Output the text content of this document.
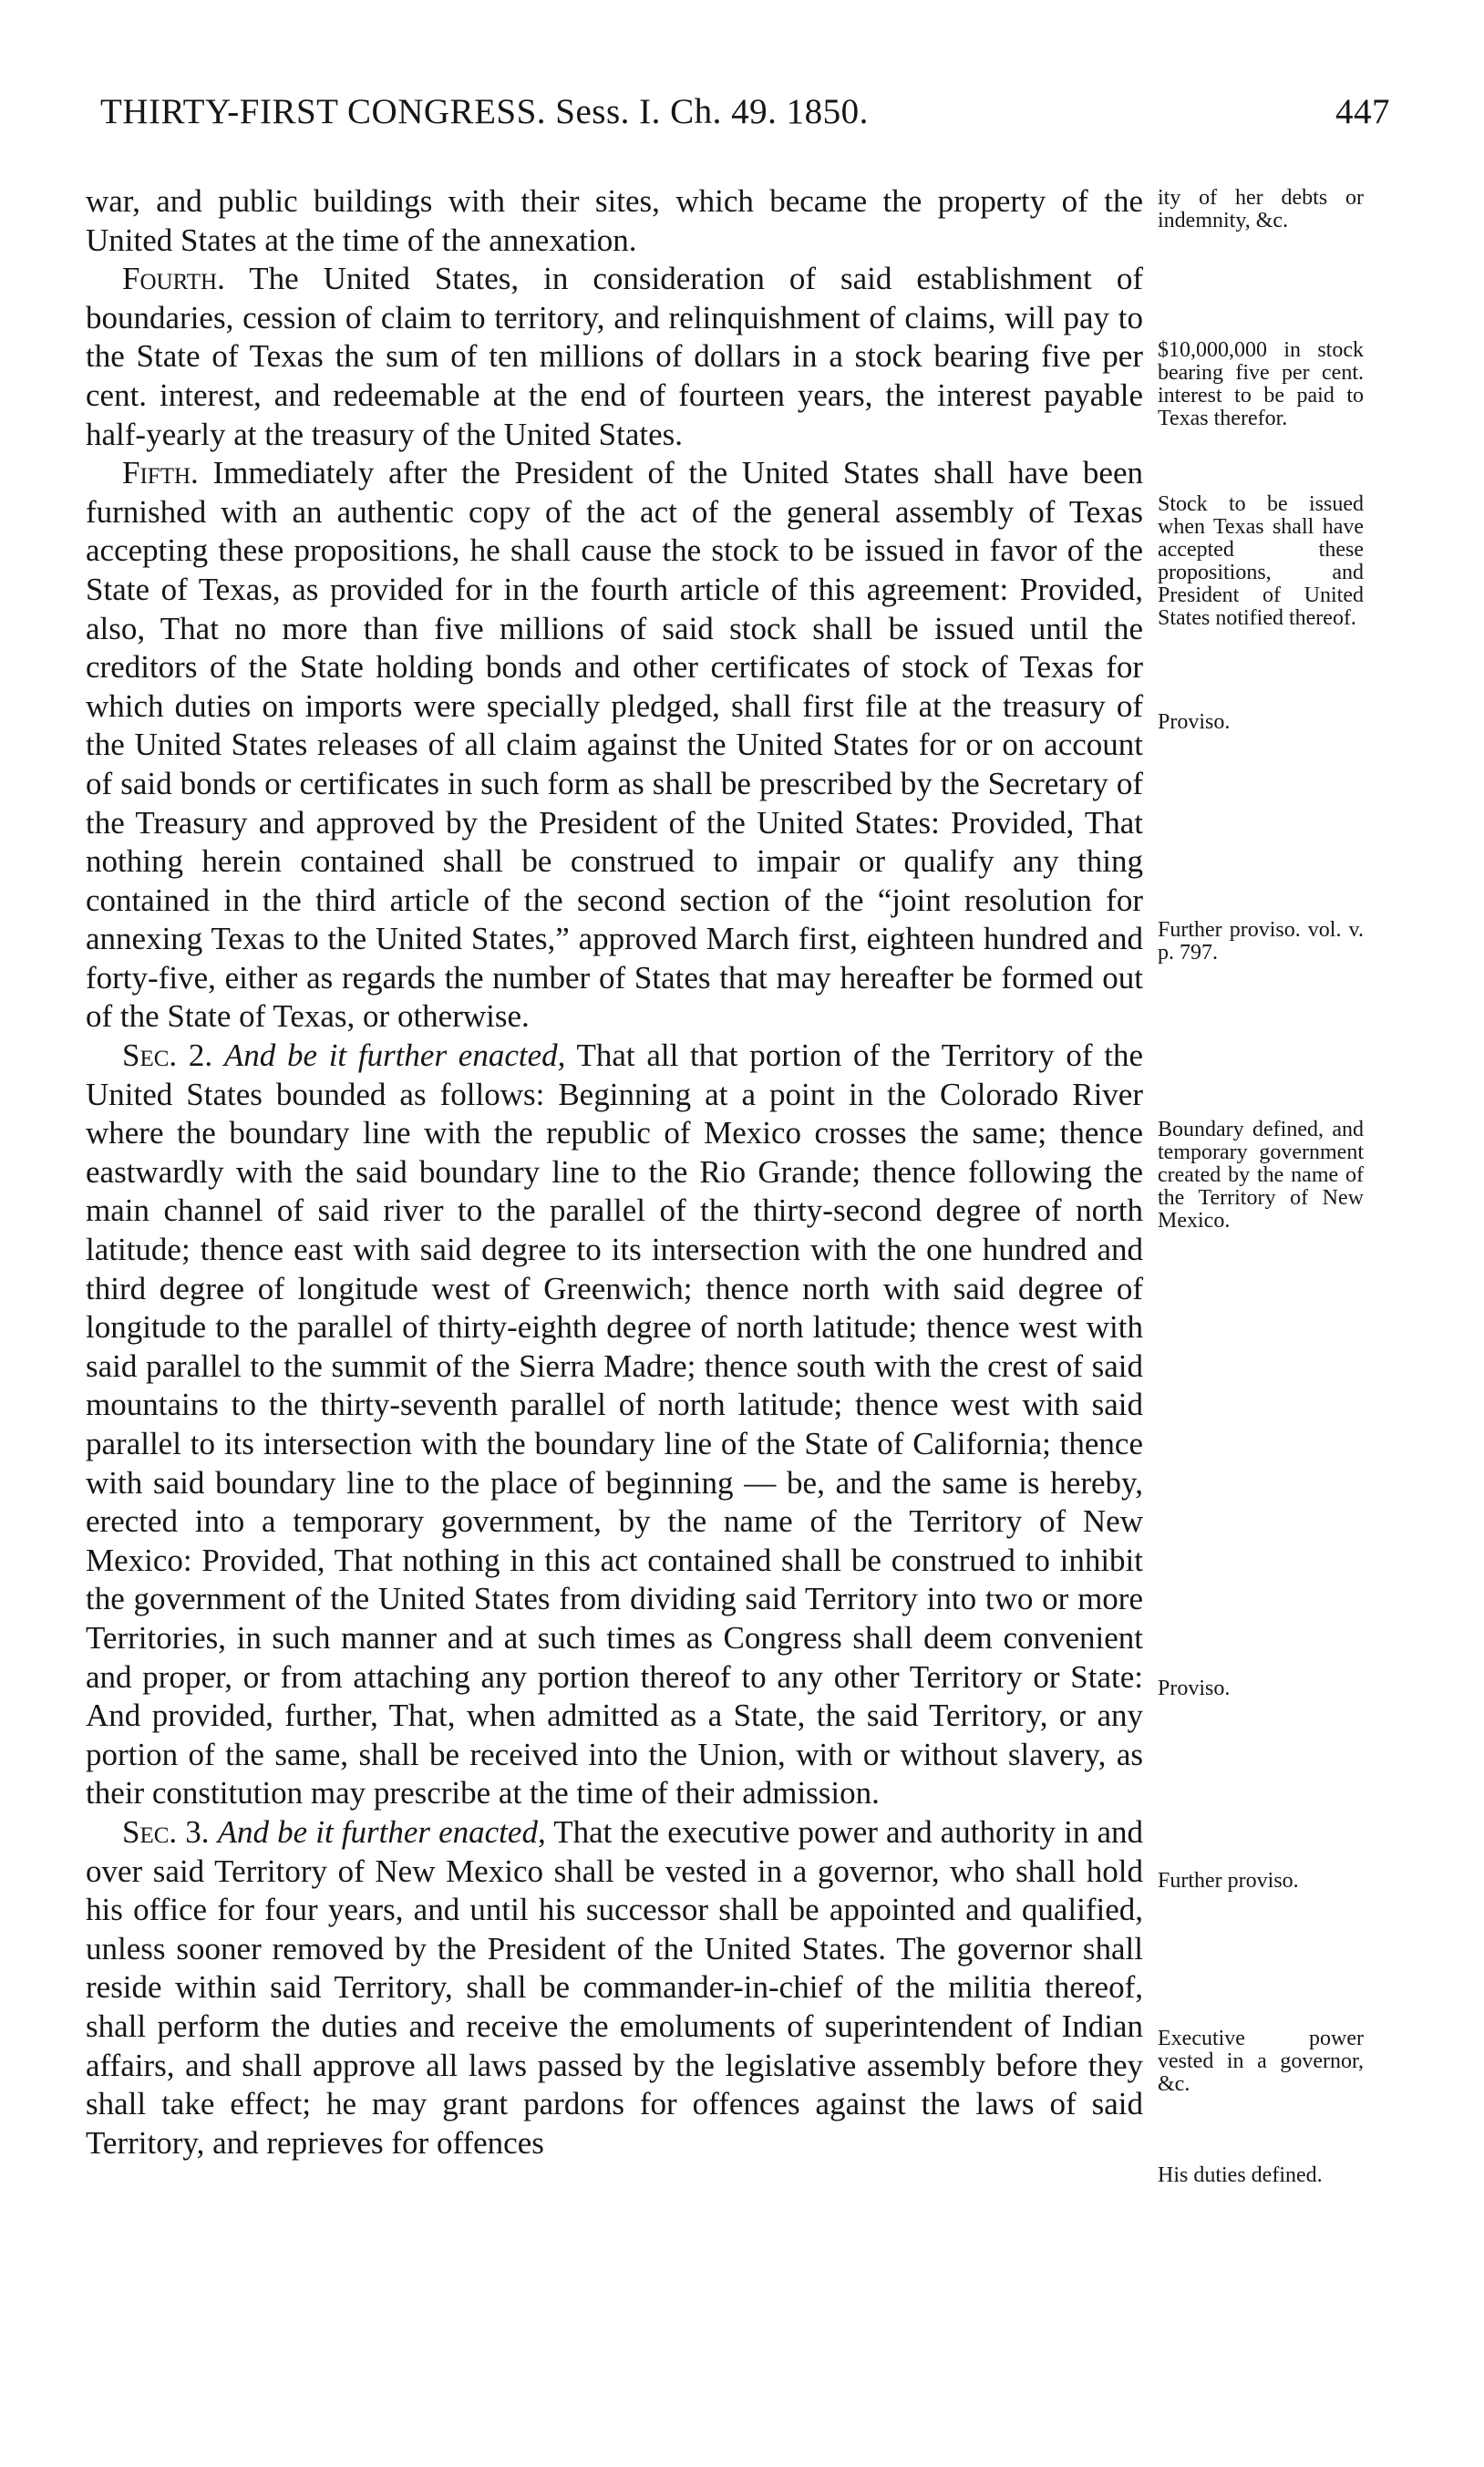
THIRTY-FIRST CONGRESS. Sess. I. Ch. 49. 1850.	447

war, and public buildings with their sites, which became the property of the United States at the time of the annexation.

Fourth. The United States, in consideration of said establishment of boundaries, cession of claim to territory, and relinquishment of claims, will pay to the State of Texas the sum of ten millions of dollars in a stock bearing five per cent. interest, and redeemable at the end of fourteen years, the interest payable half-yearly at the treasury of the United States.

Fifth. Immediately after the President of the United States shall have been furnished with an authentic copy of the act of the general assembly of Texas accepting these propositions, he shall cause the stock to be issued in favor of the State of Texas, as provided for in the fourth article of this agreement: Provided, also, That no more than five millions of said stock shall be issued until the creditors of the State holding bonds and other certificates of stock of Texas for which duties on imports were specially pledged, shall first file at the treasury of the United States releases of all claim against the United States for or on account of said bonds or certificates in such form as shall be prescribed by the Secretary of the Treasury and approved by the President of the United States: Provided, That nothing herein contained shall be construed to impair or qualify any thing contained in the third article of the second section of the “joint resolution for annexing Texas to the United States,” approved March first, eighteen hundred and forty-five, either as regards the number of States that may hereafter be formed out of the State of Texas, or otherwise.

Sec. 2. And be it further enacted, That all that portion of the Territory of the United States bounded as follows: Beginning at a point in the Colorado River where the boundary line with the republic of Mexico crosses the same; thence eastwardly with the said boundary line to the Rio Grande; thence following the main channel of said river to the parallel of the thirty-second degree of north latitude; thence east with said degree to its intersection with the one hundred and third degree of longitude west of Greenwich; thence north with said degree of longitude to the parallel of thirty-eighth degree of north latitude; thence west with said parallel to the summit of the Sierra Madre; thence south with the crest of said mountains to the thirty-seventh parallel of north latitude; thence west with said parallel to its intersection with the boundary line of the State of California; thence with said boundary line to the place of beginning — be, and the same is hereby, erected into a temporary government, by the name of the Territory of New Mexico: Provided, That nothing in this act contained shall be construed to inhibit the government of the United States from dividing said Territory into two or more Territories, in such manner and at such times as Congress shall deem convenient and proper, or from attaching any portion thereof to any other Territory or State: And provided, further, That, when admitted as a State, the said Territory, or any portion of the same, shall be received into the Union, with or without slavery, as their constitution may prescribe at the time of their admission.

Sec. 3. And be it further enacted, That the executive power and authority in and over said Territory of New Mexico shall be vested in a governor, who shall hold his office for four years, and until his successor shall be appointed and qualified, unless sooner removed by the President of the United States. The governor shall reside within said Territory, shall be commander-in-chief of the militia thereof, shall perform the duties and receive the emoluments of superintendent of Indian affairs, and shall approve all laws passed by the legislative assembly before they shall take effect; he may grant pardons for offences against the laws of said Territory, and reprieves for offences

ity of her debts or indemnity, &c.
$10,000,000 in stock bearing five per cent. interest to be paid to Texas therefor.
Stock to be issued when Texas shall have accepted these propositions, and President of United States notified thereof.
Proviso.
Further proviso. vol. v. p. 797.
Boundary defined, and temporary government created by the name of the Territory of New Mexico.
Proviso.
Further proviso.
Executive power vested in a governor, &c.
His duties defined.
